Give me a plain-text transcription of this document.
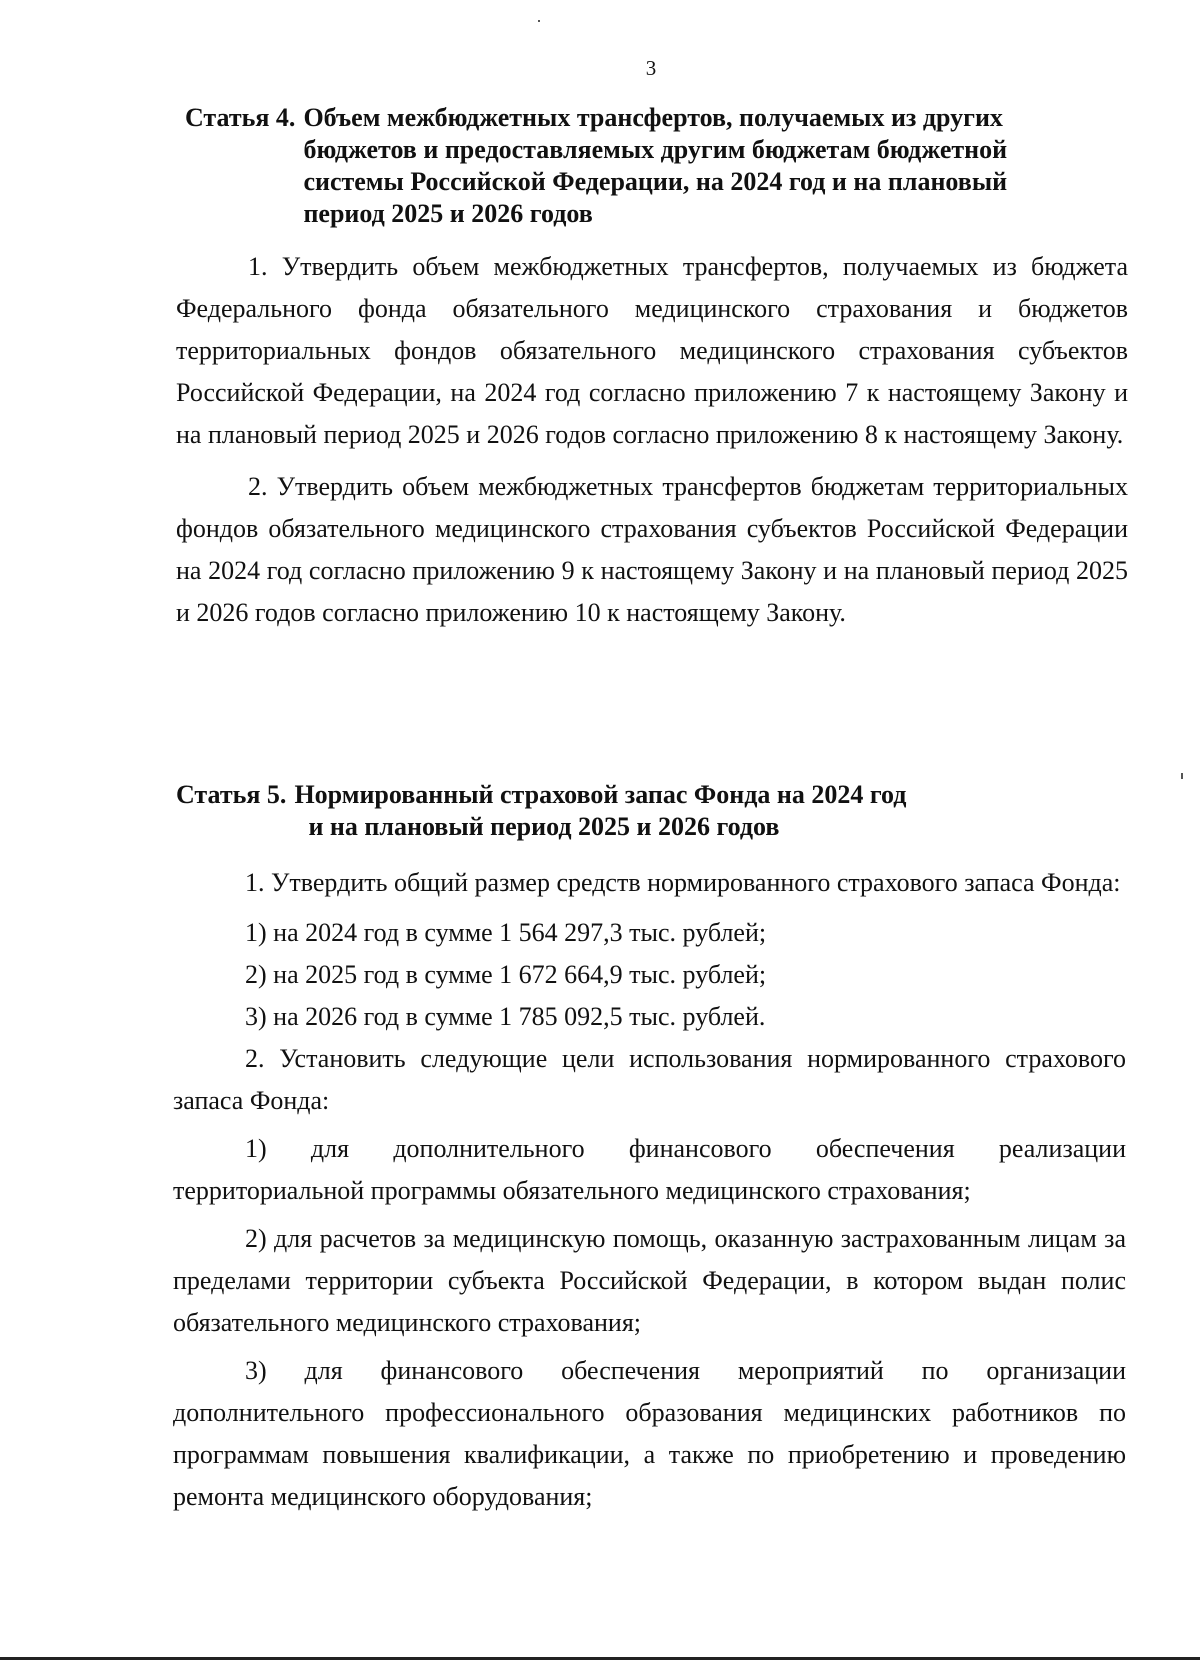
3
Статья 4. Объем межбюджетных трансфертов, получаемых из других бюджетов и предоставляемых другим бюджетам бюджетной системы Российской Федерации, на 2024 год и на плановый период 2025 и 2026 годов

1. Утвердить объем межбюджетных трансфертов, получаемых из бюджета Федерального фонда обязательного медицинского страхования и бюджетов территориальных фондов обязательного медицинского страхования субъектов Российской Федерации, на 2024 год согласно приложению 7 к настоящему Закону и на плановый период 2025 и 2026 годов согласно приложению 8 к настоящему Закону.

2. Утвердить объем межбюджетных трансфертов бюджетам территориальных фондов обязательного медицинского страхования субъектов Российской Федерации на 2024 год согласно приложению 9 к настоящему Закону и на плановый период 2025 и 2026 годов согласно приложению 10 к настоящему Закону.

Статья 5. Нормированный страховой запас Фонда на 2024 год
и на плановый период 2025 и 2026 годов

1. Утвердить общий размер средств нормированного страхового запаса Фонда:

1) на 2024 год в сумме 1 564 297,3 тыс. рублей;

2) на 2025 год в сумме 1 672 664,9 тыс. рублей;

3) на 2026 год в сумме 1 785 092,5 тыс. рублей.

2. Установить следующие цели использования нормированного страхового запаса Фонда:

1) для дополнительного финансового обеспечения реализации территориальной программы обязательного медицинского страхования;

2) для расчетов за медицинскую помощь, оказанную застрахованным лицам за пределами территории субъекта Российской Федерации, в котором выдан полис обязательного медицинского страхования;

3) для финансового обеспечения мероприятий по организации дополнительного профессионального образования медицинских работников по программам повышения квалификации, а также по приобретению и проведению ремонта медицинского оборудования;
